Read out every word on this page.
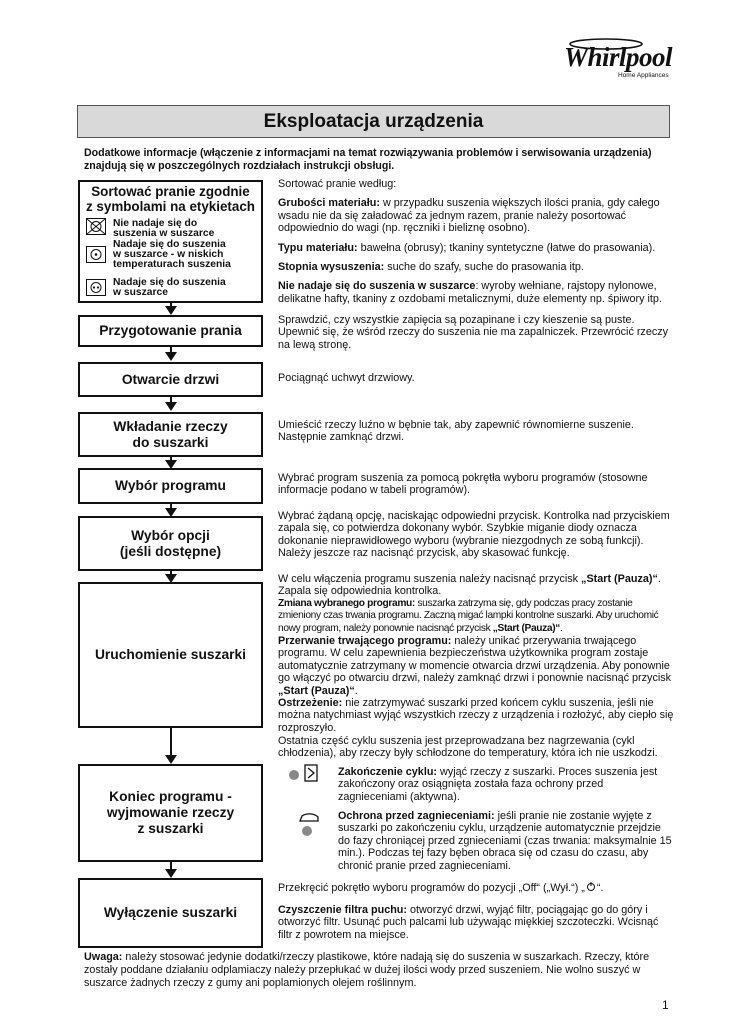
Whirlpool
Home Appliances
Eksploatacja urządzenia
Dodatkowe informacje (włączenie z informacjami na temat rozwiązywania problemów i serwisowania urządzenia) znajdują się w poszczególnych rozdziałach instrukcji obsługi.
Sortować pranie zgodnie
z symbolami na etykietach
Nie nadaje się do
suszenia w suszarce
Nadaje się do suszenia
w suszarce - w niskich
temperaturach suszenia
Nadaje się do suszenia
w suszarce
Przygotowanie prania
Otwarcie drzwi
Wkładanie rzeczy
do suszarki
Wybór programu
Wybór opcji
(jeśli dostępne)
Uruchomienie suszarki
Koniec programu -
wyjmowanie rzeczy
z suszarki
Wyłączenie suszarki

Sortować pranie według:

Grubości materiału: w przypadku suszenia większych ilości prania, gdy całego wsadu nie da się załadować za jednym razem, pranie należy posortować odpowiednio do wagi (np. ręczniki i bieliznę osobno).

Typu materiału: bawełna (obrusy); tkaniny syntetyczne (łatwe do prasowania).

Stopnia wysuszenia: suche do szafy, suche do prasowania itp.

Nie nadaje się do suszenia w suszarce: wyroby wełniane, rajstopy nylonowe, delikatne hafty, tkaniny z ozdobami metalicznymi, duże elementy np. śpiwory itp.

Sprawdzić, czy wszystkie zapięcia są pozapinane i czy kieszenie są puste. Upewnić się, że wśród rzeczy do suszenia nie ma zapalniczek. Przewrócić rzeczy na lewą stronę.
Pociągnąć uchwyt drzwiowy.
Umieścić rzeczy luźno w bębnie tak, aby zapewnić równomierne suszenie. Następnie zamknąć drzwi.
Wybrać program suszenia za pomocą pokrętła wyboru programów (stosowne informacje podano w tabeli programów).
Wybrać żądaną opcję, naciskając odpowiedni przycisk. Kontrolka nad przyciskiem zapala się, co potwierdza dokonany wybór. Szybkie miganie diody oznacza dokonanie nieprawidłowego wyboru (wybranie niezgodnych ze sobą funkcji). Należy jeszcze raz nacisnąć przycisk, aby skasować funkcję.

W celu włączenia programu suszenia należy nacisnąć przycisk „Start (Pauza)“. Zapala się odpowiednia kontrolka.

Zmiana wybranego programu: suszarka zatrzyma się, gdy podczas pracy zostanie zmieniony czas trwania programu. Zaczną migać lampki kontrolne suszarki. Aby uruchomić nowy program, należy ponownie nacisnąć przycisk „Start (Pauza)“.

Przerwanie trwającego programu: należy unikać przerywania trwającego programu. W celu zapewnienia bezpieczeństwa użytkownika program zostaje automatycznie zatrzymany w momencie otwarcia drzwi urządzenia. Aby ponownie go włączyć po otwarciu drzwi, należy zamknąć drzwi i ponownie nacisnąć przycisk „Start (Pauza)“.

Ostrzeżenie: nie zatrzymywać suszarki przed końcem cyklu suszenia, jeśli nie można natychmiast wyjąć wszystkich rzeczy z urządzenia i rozłożyć, aby ciepło się rozproszyło.

Ostatnia część cyklu suszenia jest przeprowadzana bez nagrzewania (cykl chłodzenia), aby rzeczy były schłodzone do temperatury, która ich nie uszkodzi.
Zakończenie cyklu: wyjąć rzeczy z suszarki. Proces suszenia jest zakończony oraz osiągnięta została faza ochrony przed zagnieceniami (aktywna).
Ochrona przed zagnieceniami: jeśli pranie nie zostanie wyjęte z suszarki po zakończeniu cyklu, urządzenie automatycznie przejdzie do fazy chroniącej przed zgnieceniami (czas trwania: maksymalnie 15 min.). Podczas tej fazy bęben obraca się od czasu do czasu, aby chronić pranie przed zagnieceniami.
Przekręcić pokrętło wyboru programów do pozycji „Off“ („Wył.“) „ “.
Czyszczenie filtra puchu: otworzyć drzwi, wyjąć filtr, pociągając go do góry i otworzyć filtr. Usunąć puch palcami lub używając miękkiej szczoteczki. Wcisnąć filtr z powrotem na miejsce.
Uwaga: należy stosować jedynie dodatki/rzeczy plastikowe, które nadają się do suszenia w suszarkach. Rzeczy, które zostały poddane działaniu odplamiaczy należy przepłukać w dużej ilości wody przed suszeniem. Nie wolno suszyć w suszarce żadnych rzeczy z gumy ani poplamionych olejem roślinnym.
1
